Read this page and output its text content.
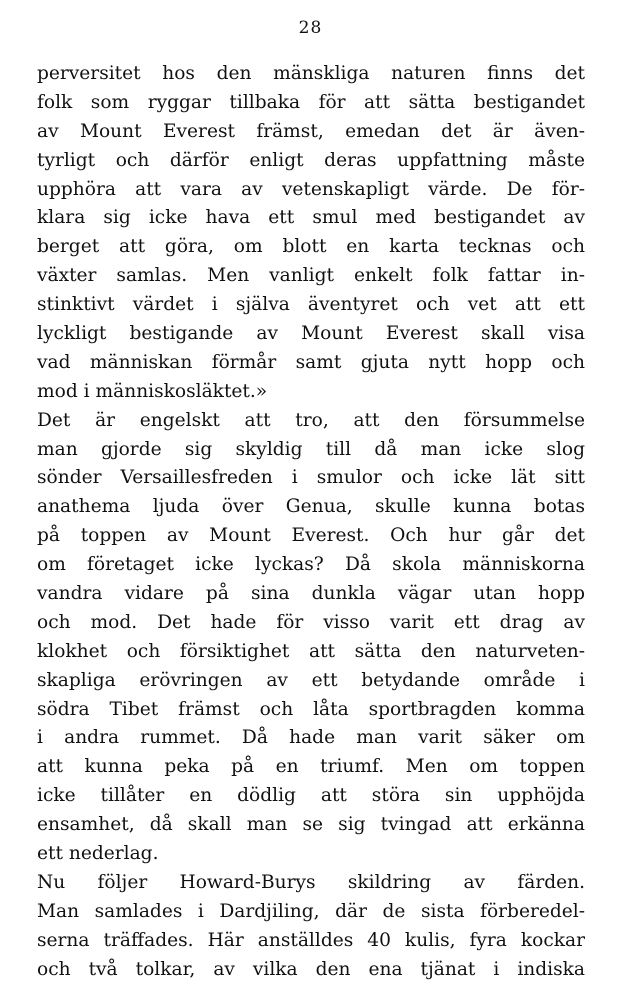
28
perversitet hos den mänskliga naturen finns det
folk som ryggar tillbaka för att sätta bestigandet
av Mount Everest främst, emedan det är även-
tyrligt och därför enligt deras uppfattning måste
upphöra att vara av vetenskapligt värde. De för-
klara sig icke hava ett smul med bestigandet av
berget att göra, om blott en karta tecknas och
växter samlas. Men vanligt enkelt folk fattar in-
stinktivt värdet i själva äventyret och vet att ett
lyckligt bestigande av Mount Everest skall visa
vad människan förmår samt gjuta nytt hopp och
mod i människosläktet.»
Det är engelskt att tro, att den försummelse
man gjorde sig skyldig till då man icke slog
sönder Versaillesfreden i smulor och icke lät sitt
anathema ljuda över Genua, skulle kunna botas
på toppen av Mount Everest. Och hur går det
om företaget icke lyckas? Då skola människorna
vandra vidare på sina dunkla vägar utan hopp
och mod. Det hade för visso varit ett drag av
klokhet och försiktighet att sätta den naturveten-
skapliga erövringen av ett betydande område i
södra Tibet främst och låta sportbragden komma
i andra rummet. Då hade man varit säker om
att kunna peka på en triumf. Men om toppen
icke tillåter en dödlig att störa sin upphöjda
ensamhet, då skall man se sig tvingad att erkänna
ett nederlag.
Nu följer Howard-Burys skildring av färden.
Man samlades i Dardjiling, där de sista förberedel-
serna träffades. Här anställdes 40 kulis, fyra kockar
och två tolkar, av vilka den ena tjänat i indiska
